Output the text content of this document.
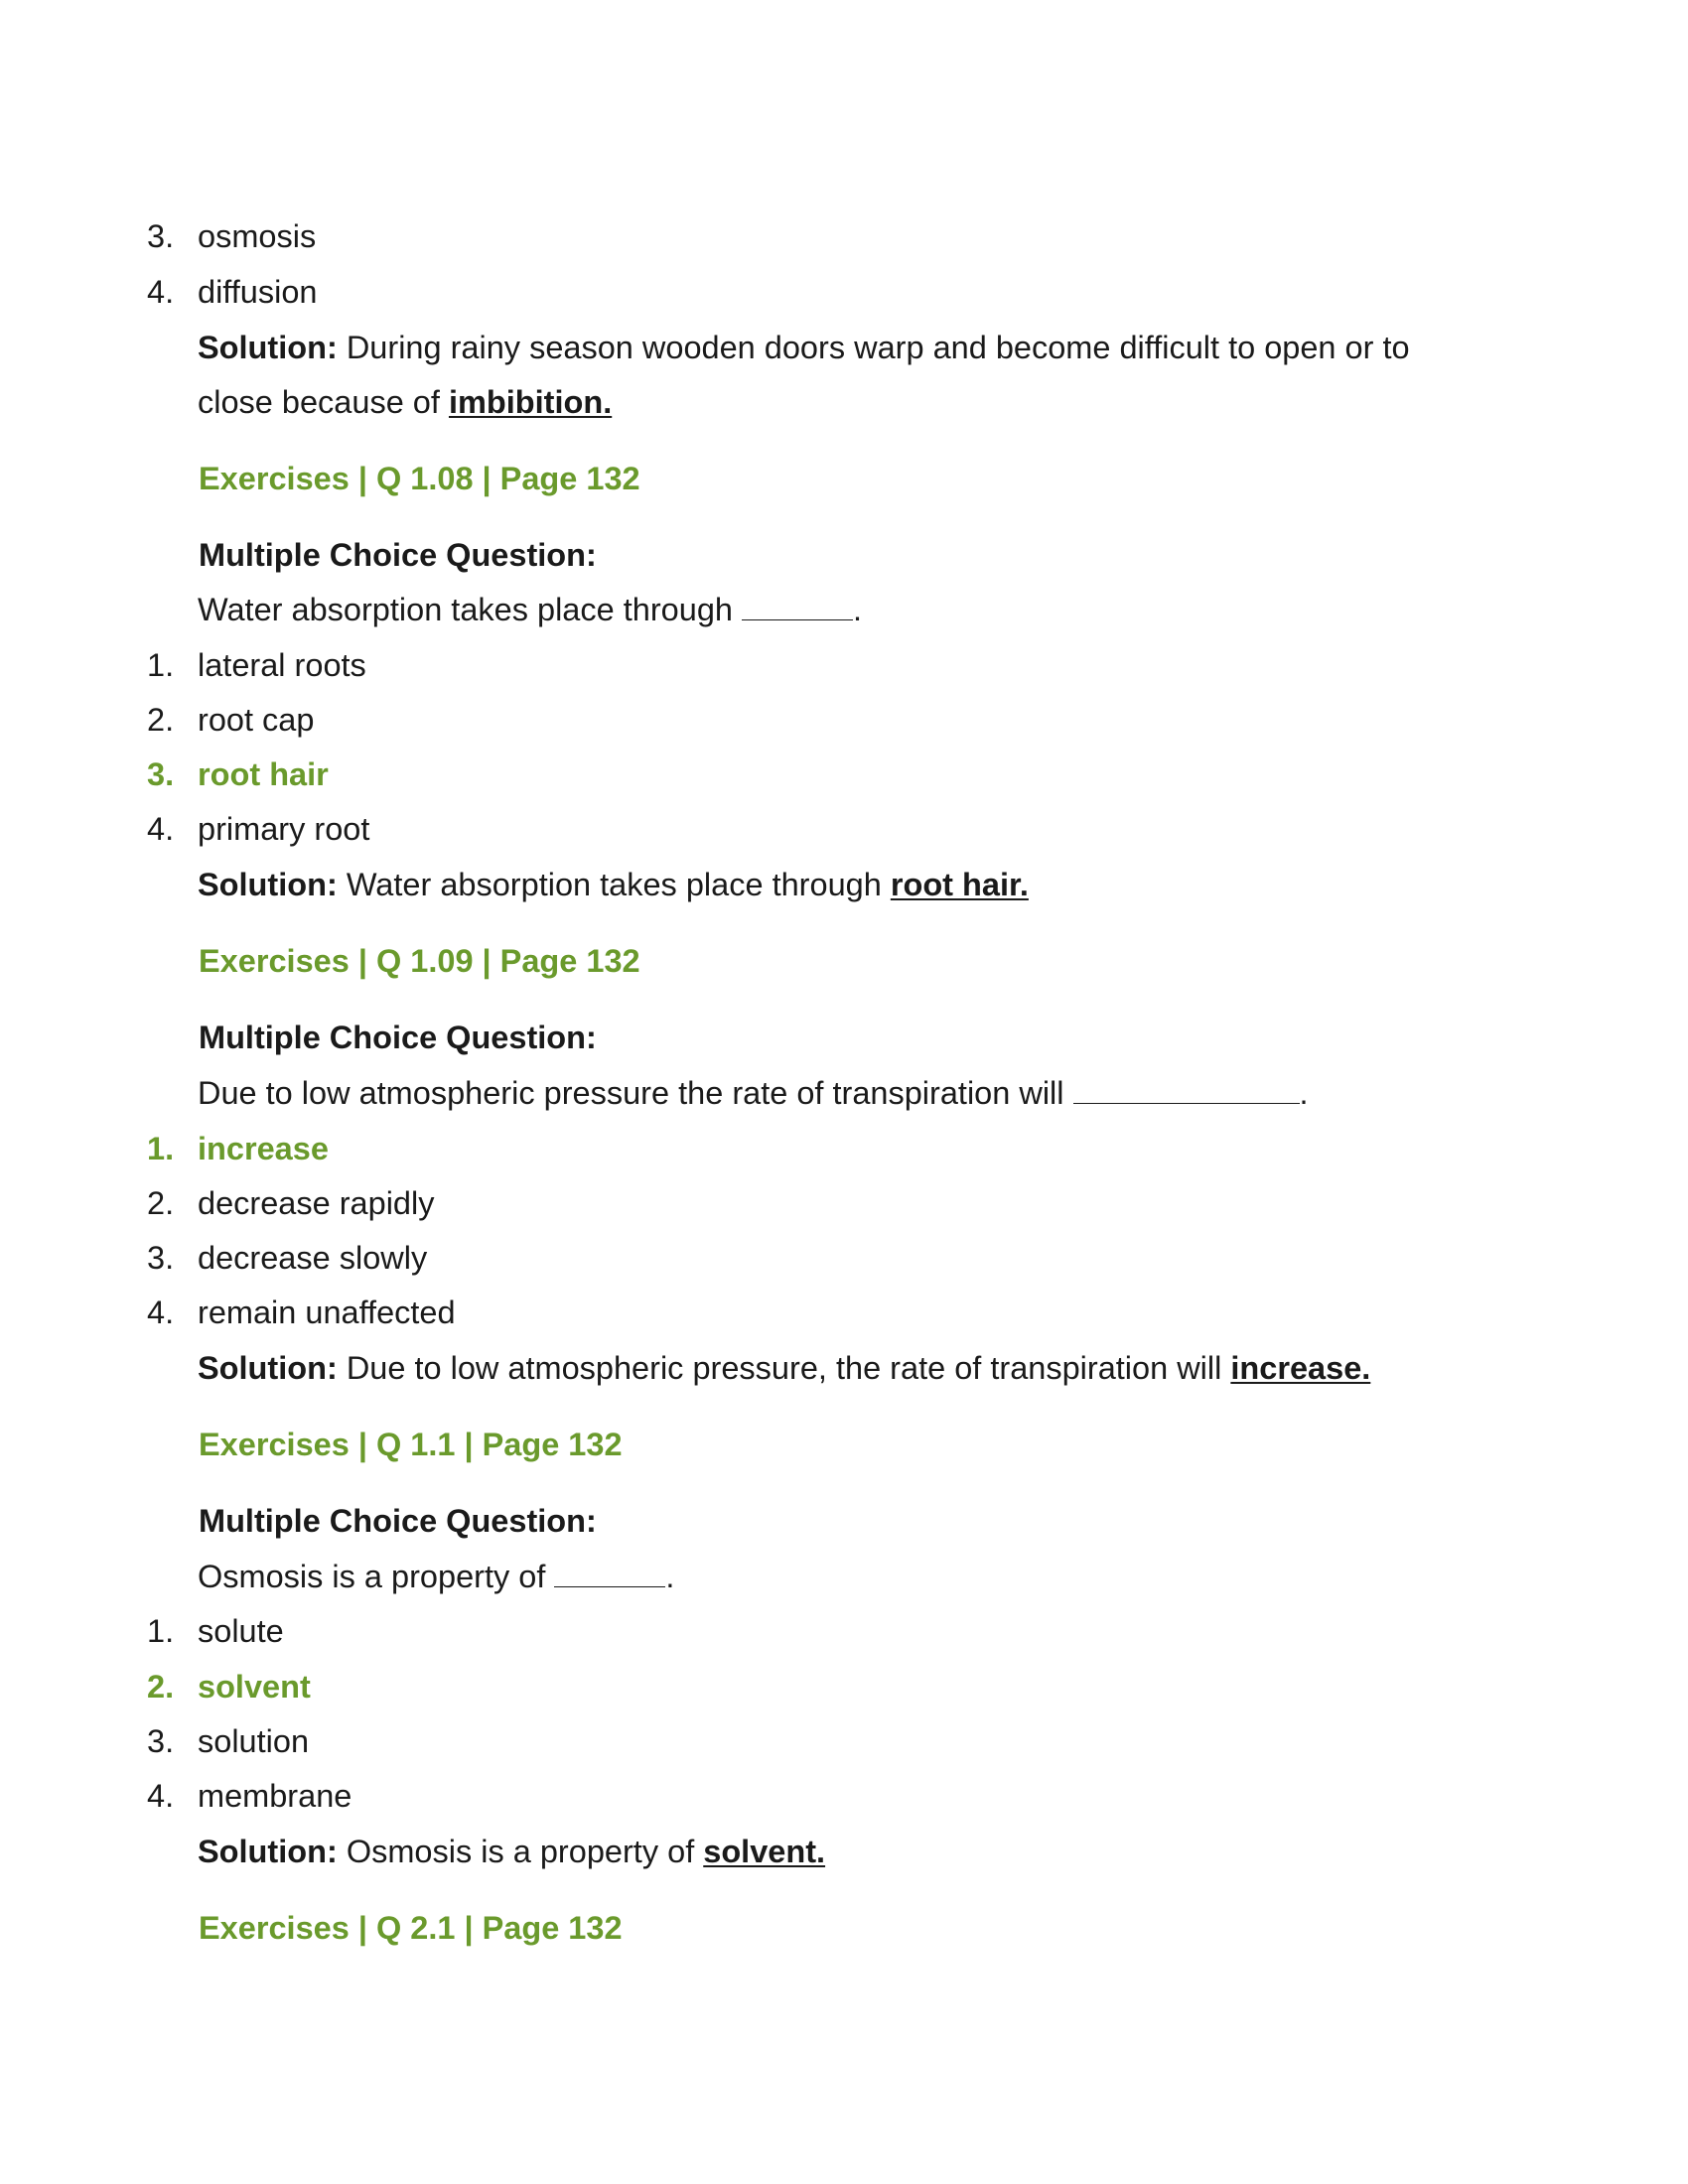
3. osmosis
4. diffusion
Solution: During rainy season wooden doors warp and become difficult to open or to
close because of imbibition.
Exercises | Q 1.08 | Page 132
Multiple Choice Question:
Water absorption takes place through	.
1. lateral roots
2. root cap
3. root hair
4. primary root
Solution: Water absorption takes place through root hair.
Exercises | Q 1.09 | Page 132
Multiple Choice Question:
Due to low atmospheric pressure the rate of transpiration will	.
1. increase
2. decrease rapidly
3. decrease slowly
4. remain unaffected
Solution: Due to low atmospheric pressure, the rate of transpiration will increase.
Exercises | Q 1.1 | Page 132
Multiple Choice Question:
Osmosis is a property of	.
1. solute
2. solvent
3. solution
4. membrane
Solution: Osmosis is a property of solvent.
Exercises | Q 2.1 | Page 132
